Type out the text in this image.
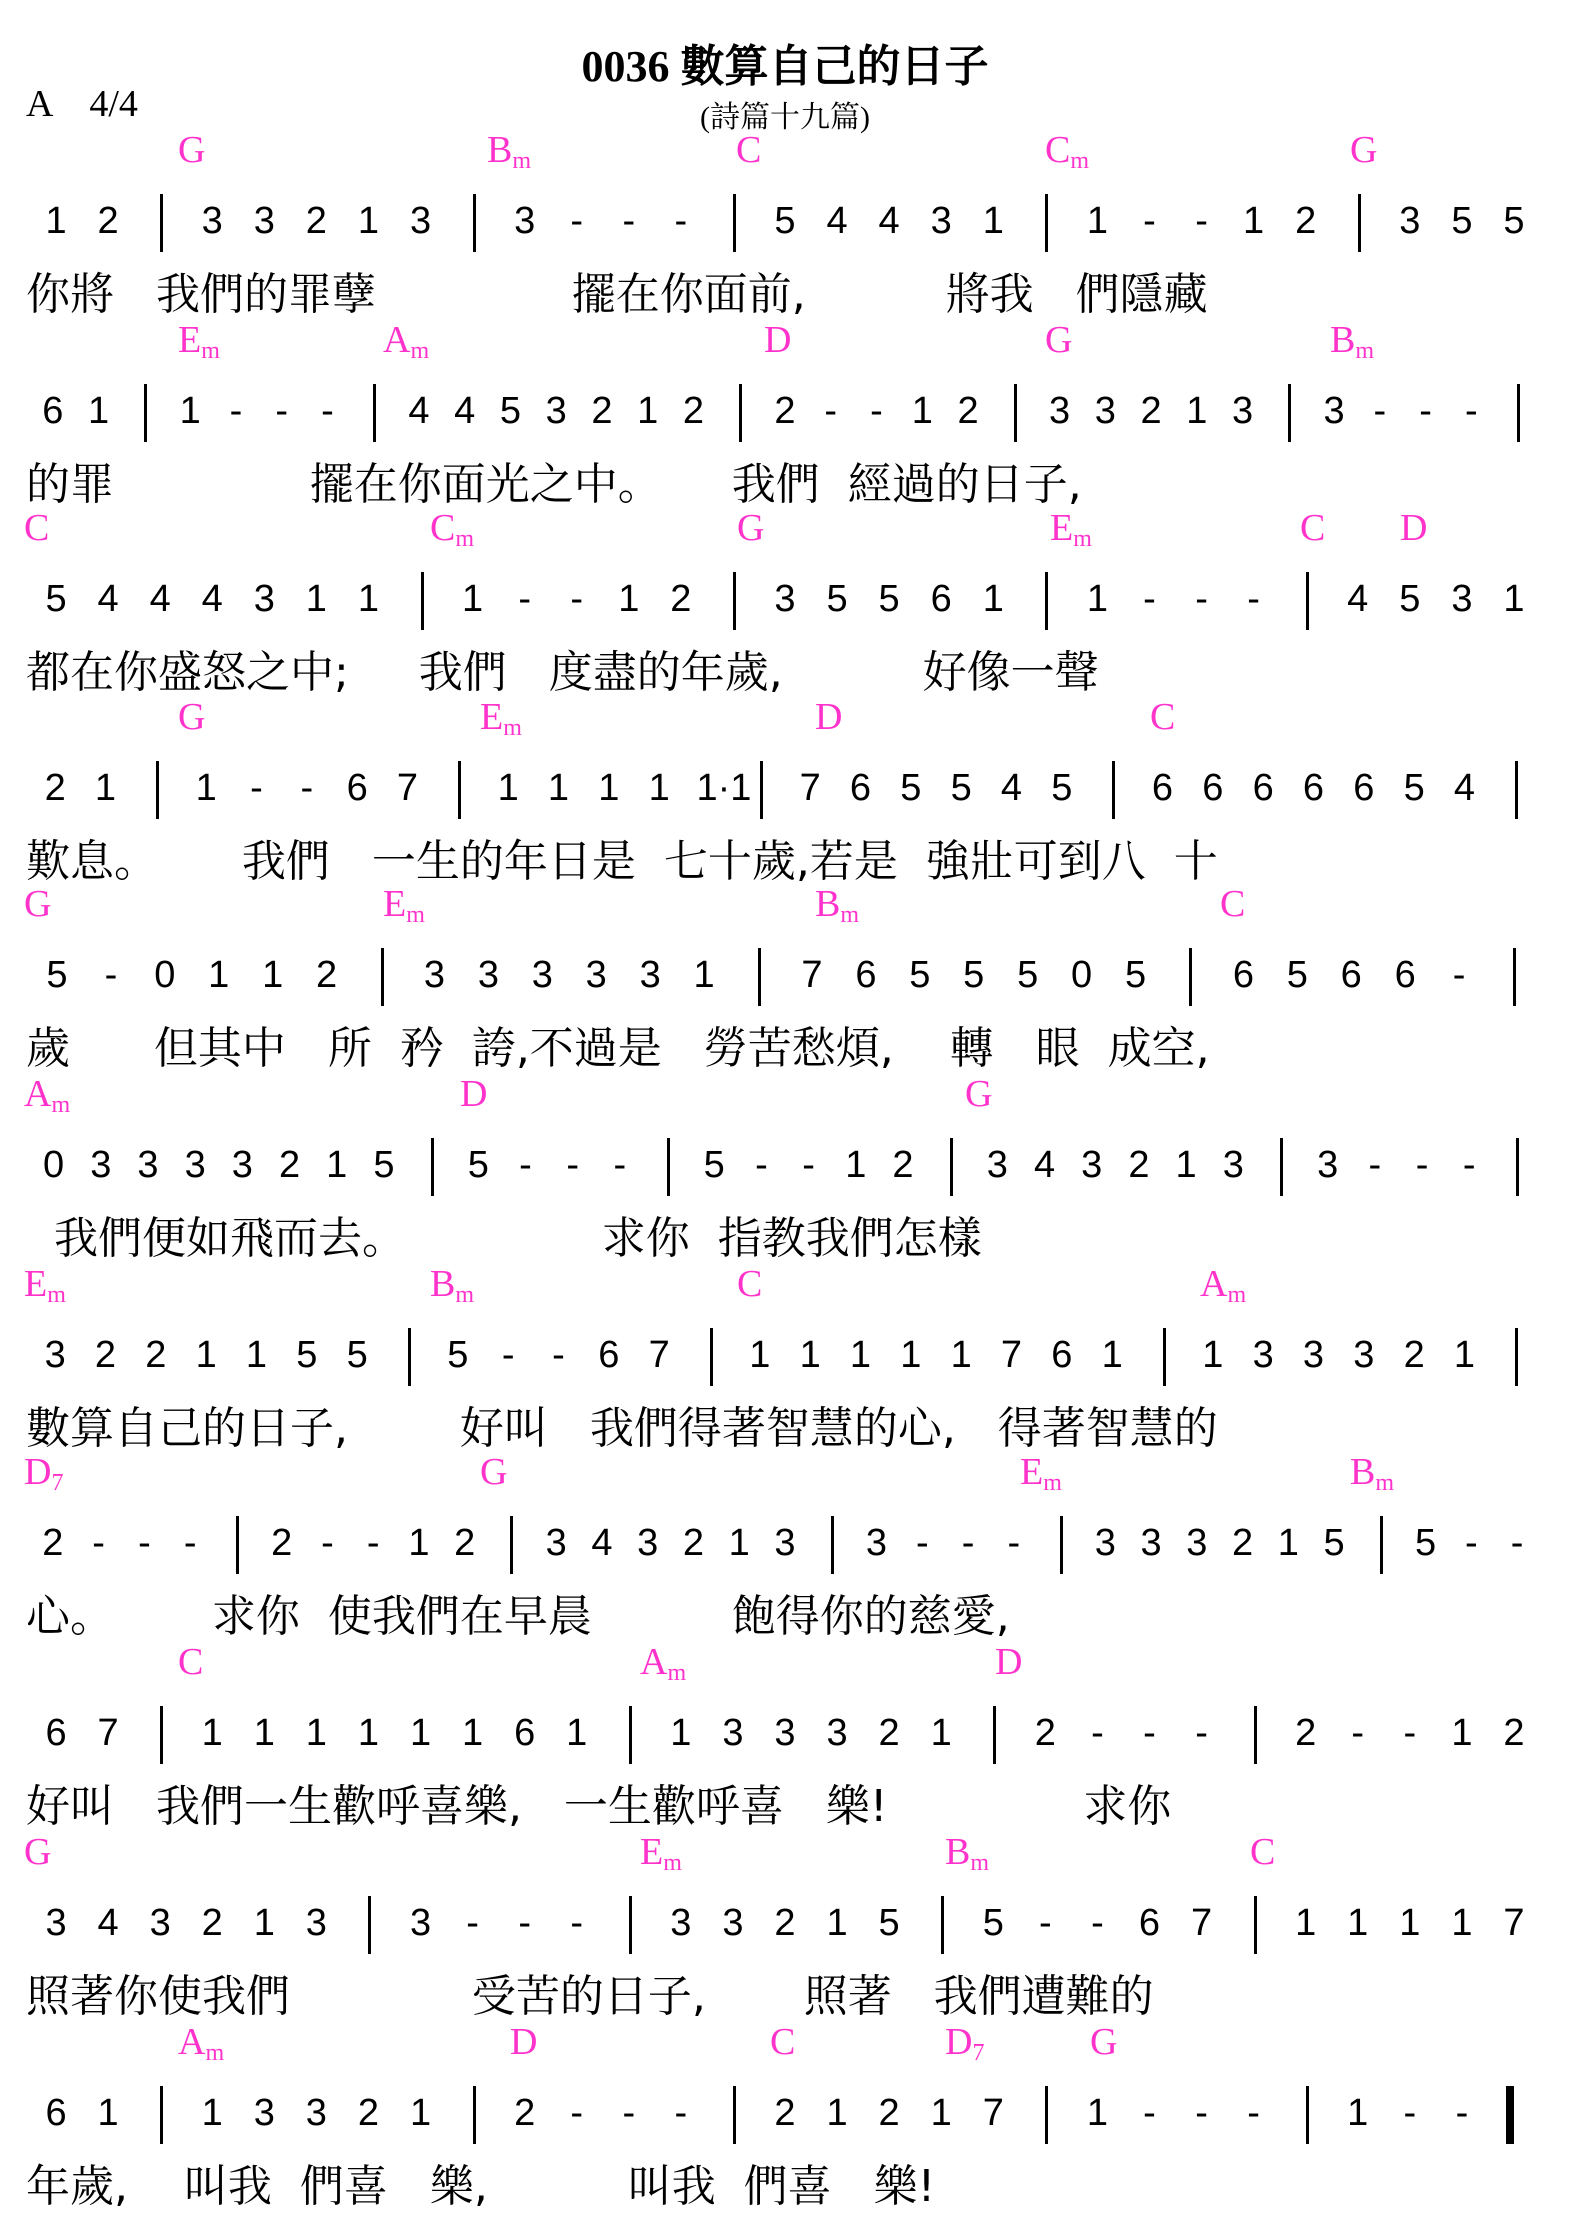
0036 數算自己的日子
(詩篇十九篇)
A    4/4
G	$B_m$	C	$C_m$	G
1 2 3 3 2 1 3 3 - - - 5 4 4 3 1 1 - - 1 2 3 5 5
你將   我們的罪孽              擺在你面前,          將我   們隱藏
$E_m$	$A_m$	D	G	$B_m$
6 1 1 - - - 4 4 5 3 2 1 2 2 - - 1 2 3 3 2 1 3 3 - - -
的罪              擺在你面光之中。     我們  經過的日子,
C	$C_m$	G	$E_m$	C D
5 4 4 4 3 1 1 1 - - 1 2 3 5 5 6 1 1 - - - 4 5 3 1
都在你盛怒之中;     我們   度盡的年歲,          好像一聲
G	$E_m$	D	C
2 1 1 - - 6 7 1 1 1 1 1·1 7 6 5 5 4 5 6 6 6 6 6 5 4
歎息。      我們   一生的年日是  七十歲,若是  強壯可到八  十
G	$E_m$	$B_m$	C
5 - 0 1 1 2 3 3 3 3 3 1 7 6 5 5 5 0 5 6 5 6 6 -
歲      但其中   所  矜  誇,不過是   勞苦愁煩,    轉   眼  成空,
$A_m$	D	G
0 3 3 3 3 2 1 5 5 - - - 5 - - 1 2 3 4 3 2 1 3 3 - - -
我們便如飛而去。              求你  指教我們怎樣
$E_m$	$B_m$	C	$A_m$
3 2 2 1 1 5 5 5 - - 6 7 1 1 1 1 1 7 6 1 1 3 3 3 2 1
數算自己的日子,        好叫   我們得著智慧的心,   得著智慧的
$D_7$	G	$E_m$	$B_m$
2 - - - 2 - - 1 2 3 4 3 2 1 3 3 - - - 3 3 3 2 1 5 5 - -
心。       求你  使我們在早晨          飽得你的慈愛,
C	$A_m$	D
6 7 1 1 1 1 1 1 6 1 1 3 3 3 2 1 2 - - - 2 - - 1 2
好叫   我們一生歡呼喜樂,   一生歡呼喜   樂!              求你
G	$E_m$	$B_m$	C
3 4 3 2 1 3 3 - - - 3 3 2 1 5 5 - - 6 7 1 1 1 1 7
照著你使我們             受苦的日子,       照著   我們遭難的
$A_m$	D	C	$D_7$	G
6 1 1 3 3 2 1 2 - - - 2 1 2 1 7 1 - - - 1 - -
年歲,    叫我  們喜   樂,          叫我  們喜   樂!
